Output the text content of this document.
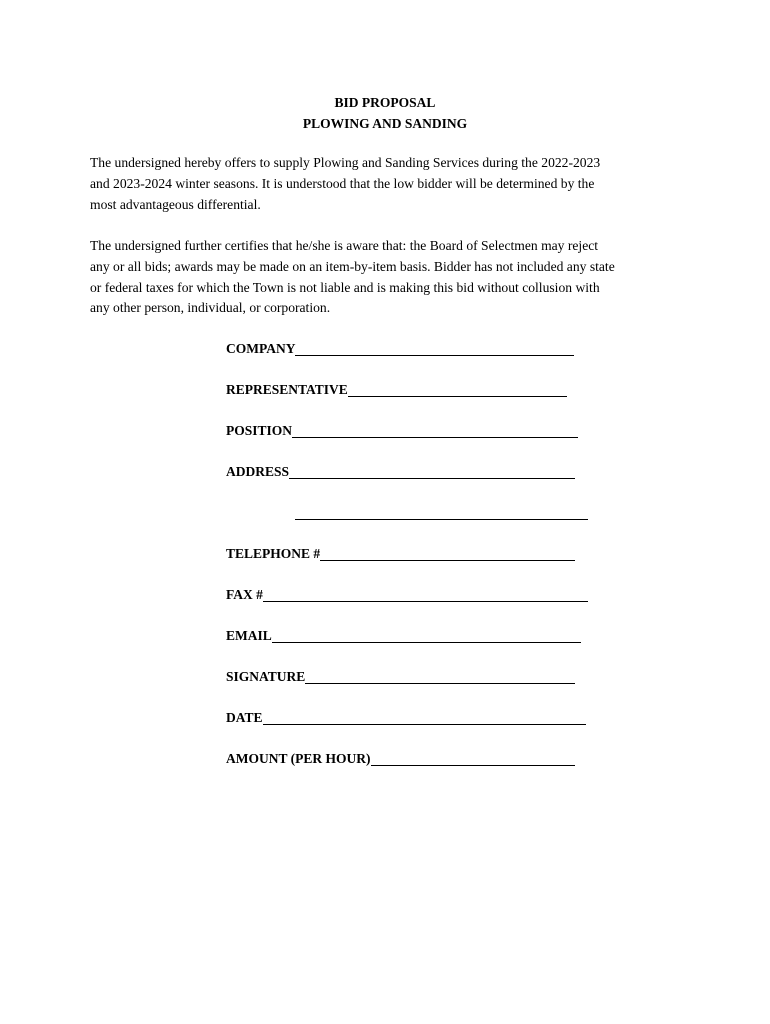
BID PROPOSAL
PLOWING AND SANDING
The undersigned hereby offers to supply Plowing and Sanding Services during the 2022-2023
and 2023-2024 winter seasons. It is understood that the low bidder will be determined by the
most advantageous differential.
The undersigned further certifies that he/she is aware that: the Board of Selectmen may reject
any or all bids; awards may be made on an item-by-item basis. Bidder has not included any state
or federal taxes for which the Town is not liable and is making this bid without collusion with
any other person, individual, or corporation.
COMPANY
REPRESENTATIVE
POSITION
ADDRESS
TELEPHONE #
FAX #
EMAIL
SIGNATURE
DATE
AMOUNT (PER HOUR)
